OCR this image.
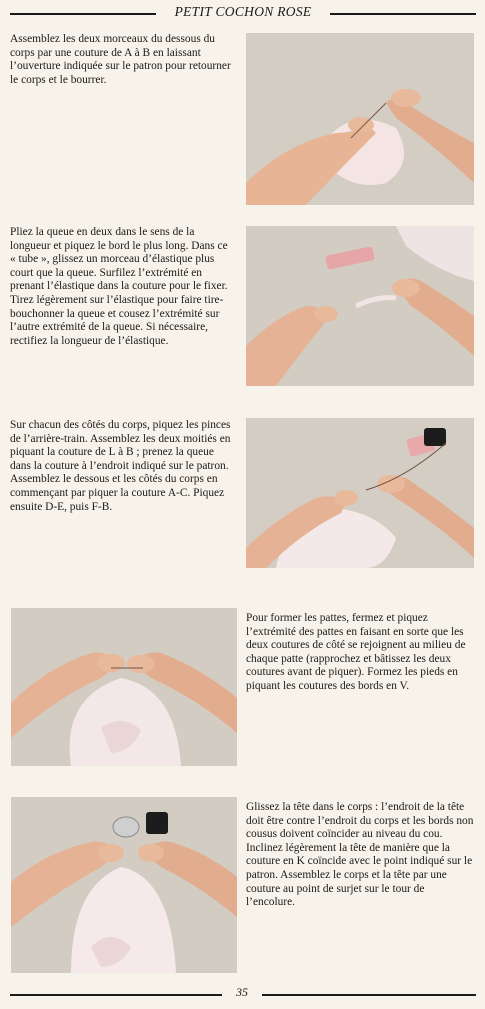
PETIT COCHON ROSE
Assemblez les deux morceaux du dessous du corps par une couture de A à B en laissant l’ouverture indiquée sur le patron pour retourner le corps et le bourrer.
Pliez la queue en deux dans le sens de la longueur et piquez le bord le plus long. Dans ce « tube », glissez un morceau d’élastique plus court que la queue. Surfilez l’extrémité en prenant l’élastique dans la couture pour le fixer. Tirez légèrement sur l’élastique pour faire tire-bouchonner la queue et cousez l’extrémité sur l’autre extrémité de la queue. Si nécessaire, rectifiez la longueur de l’élastique.
Sur chacun des côtés du corps, piquez les pinces de l’arrière-train. Assemblez les deux moitiés en piquant la couture de L à B ; prenez la queue dans la couture à l’endroit indiqué sur le patron. Assemblez le dessous et les côtés du corps en commençant par piquer la couture A-C. Piquez ensuite D-E, puis F-B.
Pour former les pattes, fermez et piquez l’extrémité des pattes en faisant en sorte que les deux coutures de côté se rejoignent au milieu de chaque patte (rapprochez et bâtissez les deux coutures avant de piquer). Formez les pieds en piquant les coutures des bords en V.
Glissez la tête dans le corps : l’endroit de la tête doit être contre l’endroit du corps et les bords non cousus doivent coïncider au niveau du cou. Inclinez légèrement la tête de manière que la couture en K coïncide avec le point indiqué sur le patron. Assemblez le corps et la tête par une couture au point de surjet sur le tour de l’encolure.
35
